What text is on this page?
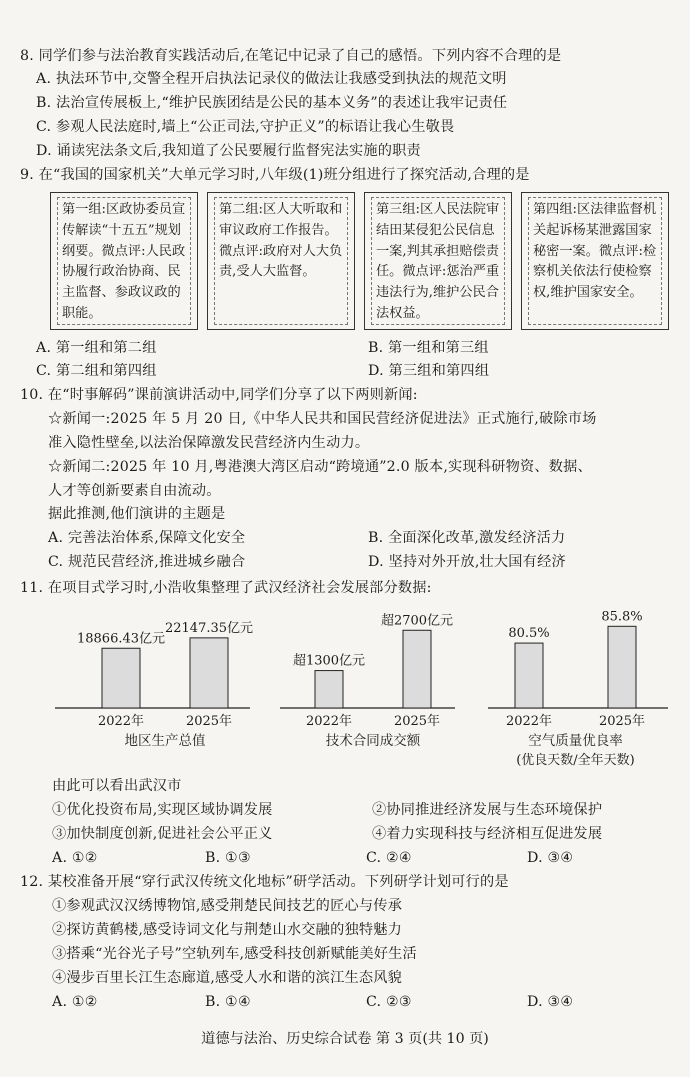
8. 同学们参与法治教育实践活动后,在笔记中记录了自己的感悟。下列内容不合理的是
A. 执法环节中,交警全程开启执法记录仪的做法让我感受到执法的规范文明
B. 法治宣传展板上,“维护民族团结是公民的基本义务”的表述让我牢记责任
C. 参观人民法庭时,墙上“公正司法,守护正义”的标语让我心生敬畏
D. 诵读宪法条文后,我知道了公民要履行监督宪法实施的职责
9. 在“我国的国家机关”大单元学习时,八年级(1)班分组进行了探究活动,合理的是
第一组:区政协委员宣传解读“十五五”规划纲要。微点评:人民政协履行政治协商、民主监督、参政议政的职能。
第二组:区人大听取和审议政府工作报告。微点评:政府对人大负责,受人大监督。
第三组:区人民法院审结田某侵犯公民信息一案,判其承担赔偿责任。微点评:惩治严重违法行为,维护公民合法权益。
第四组:区法律监督机关起诉杨某泄露国家秘密一案。微点评:检察机关依法行使检察权,维护国家安全。
A. 第一组和第二组	B. 第一组和第三组
C. 第二组和第四组	D. 第三组和第四组
10. 在“时事解码”课前演讲活动中,同学们分享了以下两则新闻:
☆新闻一:2025 年 5 月 20 日,《中华人民共和国民营经济促进法》正式施行,破除市场
准入隐性壁垒,以法治保障激发民营经济内生动力。
☆新闻二:2025 年 10 月,粤港澳大湾区启动“跨境通”2.0 版本,实现科研物资、数据、
人才等创新要素自由流动。
据此推测,他们演讲的主题是
A. 完善法治体系,保障文化安全	B. 全面深化改革,激发经济活力
C. 规范民营经济,推进城乡融合	D. 坚持对外开放,壮大国有经济
11. 在项目式学习时,小浩收集整理了武汉经济社会发展部分数据:
18866.43亿元
2022年
22147.35亿元
2025年
地区生产总值
超1300亿元
2022年
超2700亿元
2025年
技术合同成交额
80.5%
2022年
85.8%
2025年
空气质量优良率
(优良天数/全年天数)
由此可以看出武汉市
①优化投资布局,实现区域协调发展	②协同推进经济发展与生态环境保护
③加快制度创新,促进社会公平正义	④着力实现科技与经济相互促进发展
A. ①②	B. ①③	C. ②④	D. ③④
12. 某校准备开展“穿行武汉传统文化地标”研学活动。下列研学计划可行的是
①参观武汉汉绣博物馆,感受荆楚民间技艺的匠心与传承
②探访黄鹤楼,感受诗词文化与荆楚山水交融的独特魅力
③搭乘“光谷光子号”空轨列车,感受科技创新赋能美好生活
④漫步百里长江生态廊道,感受人水和谐的滨江生态风貌
A. ①②	B. ①④	C. ②③	D. ③④
道德与法治、历史综合试卷 第 3 页(共 10 页)
